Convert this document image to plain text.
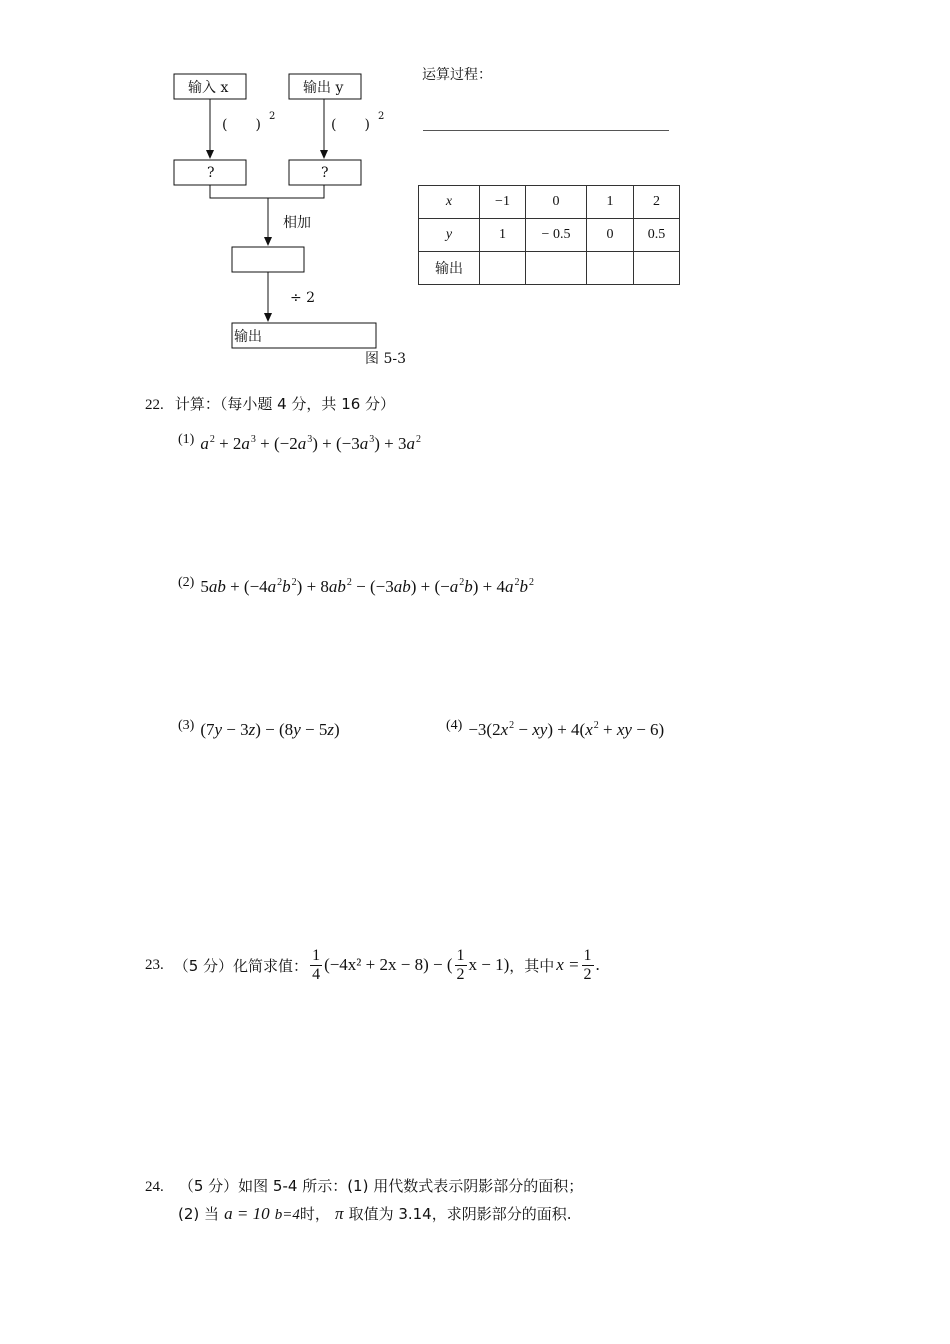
输入 x	输出 y
(　　)
2
(　　)
2
?	?
相加
÷ 2
输出
图 5-3
运算过程：
x	−1	0	1	2
y	1	− 0.5	0	0.5
输出				
22. 计算：（每小题 4 分，共 16 分）
$^{(1)}$ $a^2 + 2a^3 + (-2a^3) + (-3a^3) + 3a^2$
$^{(2)}$ $5ab + (-4a^2b^2) + 8ab^2 - (-3ab) + (-a^2b) + 4a^2b^2$
$^{(3)}$ (7y − 3z) − (8y − 5z)	$^{(4)} -3(2x^2 - xy) + 4(x^2$ + xy − 6)
23. （5 分）化简求值： $\frac{1}{4} (-4x^2 + 2x - 8)$ − ( $\frac{1}{2}$ x − 1) ，其中 $x = \frac{1}{2}$ .
24. （5 分）如图 5-4 所示：(1) 用代数式表示阴影部分的面积；
(2) 当 a = 10 b=4时， π 取值为 3.14，求阴影部分的面积.
